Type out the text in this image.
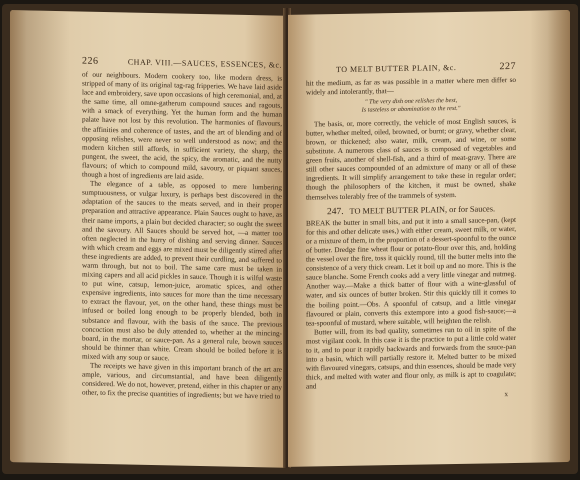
226	CHAP. VIII.—SAUCES, ESSENCES, &c.

of our neighbours. Modern cookery too, like modern dress, is stripped of many of its original tag-rag fripperies. We have laid aside lace and embroidery, save upon occasions of high ceremonial, and, at the same time, all omne-gatherum compound sauces and ragouts, with a smack of everything. Yet the human form and the human palate have not lost by this revolution. The harmonies of flavours, the affinities and coherence of tastes, and the art of blending and of opposing relishes, were never so well understood as now; and the modern kitchen still affords, in sufficient variety, the sharp, the pungent, the sweet, the acid, the spicy, the aromatic, and the nutty flavours; of which to compound mild, savoury, or piquant sauces, though a host of ingredients are laid aside.

The elegance of a table, as opposed to mere lumbering sumptuousness, or vulgar luxury, is perhaps best discovered in the adaptation of the sauces to the meats served, and in their proper preparation and attractive appearance. Plain Sauces ought to have, as their name imports, a plain but decided character; so ought the sweet and the savoury. All Sauces should be served hot, —a matter too often neglected in the hurry of dishing and serving dinner. Sauces with which cream and eggs are mixed must be diligently stirred after these ingredients are added, to prevent their curdling, and suffered to warm through, but not to boil. The same care must be taken in mixing capers and all acid pickles in sauce. Though it is wilful waste to put wine, catsup, lemon-juice, aromatic spices, and other expensive ingredients, into sauces for more than the time necessary to extract the flavour, yet, on the other hand, these things must be infused or boiled long enough to be properly blended, both in substance and flavour, with the basis of the sauce. The previous concoction must also be duly attended to, whether at the mincing-board, in the mortar, or sauce-pan. As a general rule, brown sauces should be thinner than white. Cream should be boiled before it is mixed with any soup or sauce.

The receipts we have given in this important branch of the art are ample, various, and circumstantial, and have been diligently considered. We do not, however, pretend, either in this chapter or any other, to fix the precise quantities of ingredients; but we have tried to

TO MELT BUTTER PLAIN, &c.	227

hit the medium, as far as was possible in a matter where men differ so widely and intolerantly, that—

" The very dish one relishes the best,
Is tasteless or abomination to the rest."

The basis, or, more correctly, the vehicle of most English sauces, is butter, whether melted, oiled, browned, or burnt; or gravy, whether clear, brown, or thickened; also water, milk, cream, and wine, or some substitute. A numerous class of sauces is composed of vegetables and green fruits, another of shell-fish, and a third of meat-gravy. There are still other sauces compounded of an admixture of many or all of these ingredients. It will simplify arrangement to take these in regular order; though the philosophers of the kitchen, it must be owned, shake themselves tolerably free of the trammels of system.

247. TO MELT BUTTER PLAIN, or for Sauces.

BREAK the butter in small bits, and put it into a small sauce-pan, (kept for this and other delicate uses,) with either cream, sweet milk, or water, or a mixture of them, in the proportion of a dessert-spoonful to the ounce of butter. Dredge fine wheat flour or potato-flour over this, and, holding the vessel over the fire, toss it quickly round, till the butter melts into the consistence of a very thick cream. Let it boil up and no more. This is the sauce blanche. Some French cooks add a very little vinegar and nutmeg. Another way.—Make a thick batter of flour with a wine-glassful of water, and six ounces of butter broken. Stir this quickly till it comes to the boiling point.—Obs. A spoonful of catsup, and a little vinegar flavoured or plain, converts this extempore into a good fish-sauce;—a tea-spoonful of mustard, where suitable, will heighten the relish.

Butter will, from its bad quality, sometimes run to oil in spite of the most vigilant cook. In this case it is the practice to put a little cold water to it, and to pour it rapidly backwards and forwards from the sauce-pan into a basin, which will partially restore it. Melted butter to be mixed with flavoured vinegars, catsups, and thin essences, should be made very thick, and melted with water and flour only, as milk is apt to coagulate; and

x
